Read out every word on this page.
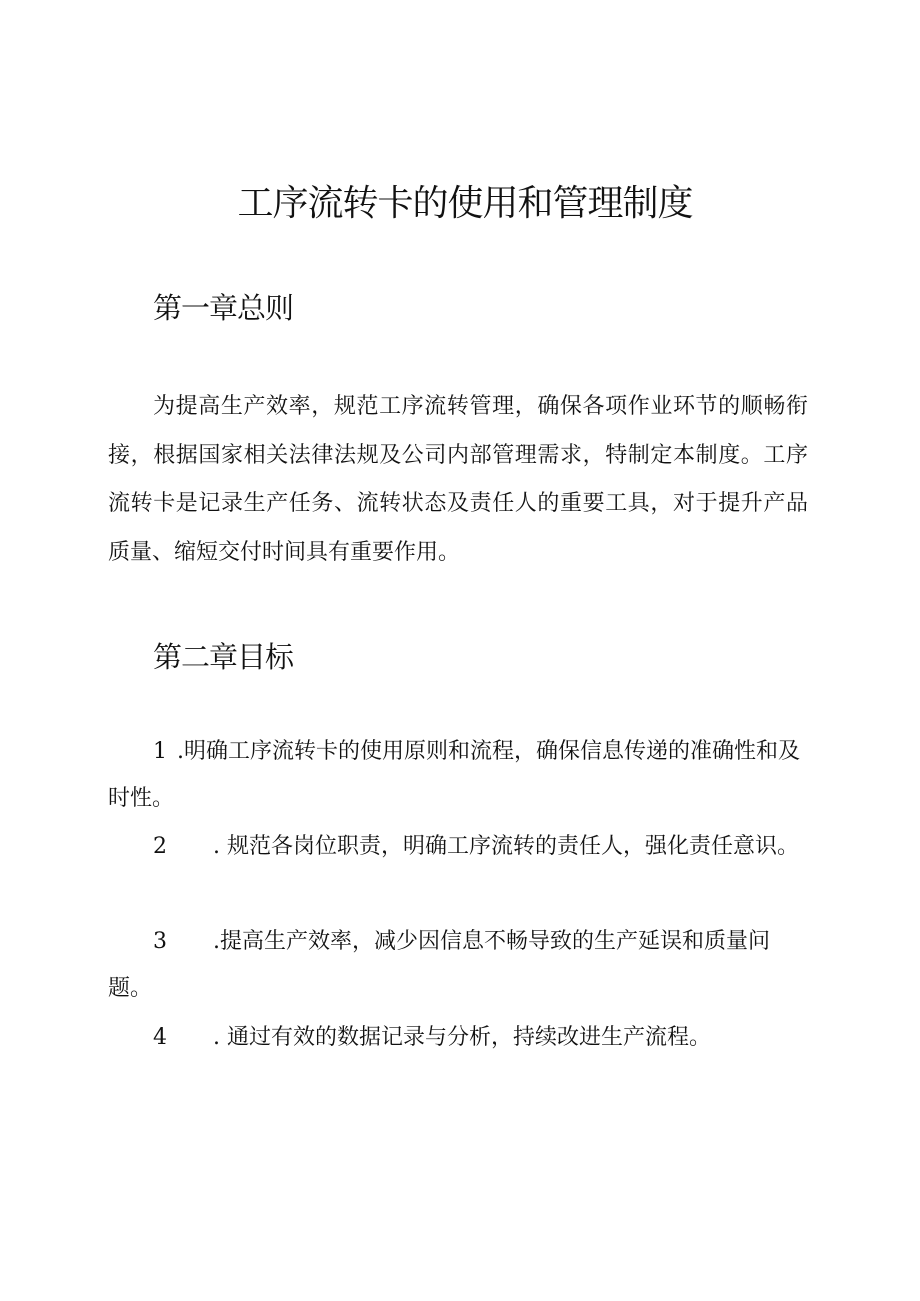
工序流转卡的使用和管理制度
第一章总则

为提高生产效率，规范工序流转管理，确保各项作业环节的顺畅衔接，根据国家相关法律法规及公司内部管理需求，特制定本制度。工序流转卡是记录生产任务、流转状态及责任人的重要工具，对于提升产品质量、缩短交付时间具有重要作用。

第二章目标

1 .明确工序流转卡的使用原则和流程，确保信息传递的准确性和及时性。

2 . 规范各岗位职责，明确工序流转的责任人，强化责任意识。

3 .提高生产效率，减少因信息不畅导致的生产延误和质量问题。

4 . 通过有效的数据记录与分析，持续改进生产流程。
